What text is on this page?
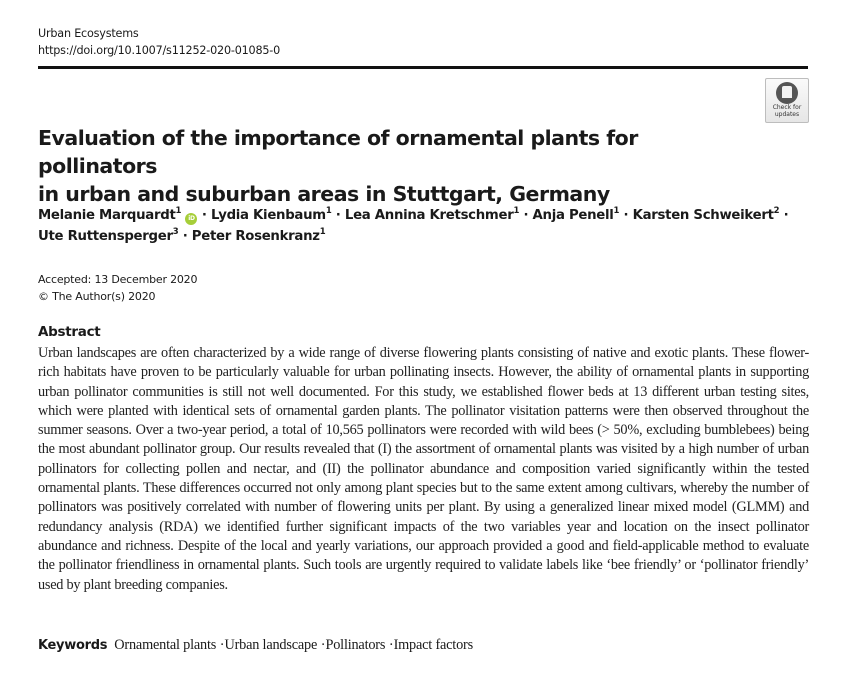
Urban Ecosystems
https://doi.org/10.1007/s11252-020-01085-0
Check for
updates
Evaluation of the importance of ornamental plants for pollinators
in urban and suburban areas in Stuttgart, Germany
Melanie Marquardt$^1$ iD · Lydia Kienbaum$^1$ · Lea Annina Kretschmer$^1$ · Anja Penell$^1$ · Karsten Schweikert$^2$ ·
Ute Ruttensperger$^3$ · Peter Rosenkranz$^1$
Accepted: 13 December 2020
© The Author(s) 2020
Abstract
Urban landscapes are often characterized by a wide range of diverse flowering plants consisting of native and exotic plants. These flower-rich habitats have proven to be particularly valuable for urban pollinating insects. However, the ability of ornamental plants in supporting urban pollinator communities is still not well documented. For this study, we established flower beds at 13 different urban testing sites, which were planted with identical sets of ornamental garden plants. The pollinator visitation patterns were then observed throughout the summer seasons. Over a two-year period, a total of 10,565 pollinators were recorded with wild bees (> 50%, excluding bumblebees) being the most abundant pollinator group. Our results revealed that (I) the assortment of ornamental plants was visited by a high number of urban pollinators for collecting pollen and nectar, and (II) the pollinator abundance and composition varied significantly within the tested ornamental plants. These differences occurred not only among plant species but to the same extent among cultivars, whereby the number of pollinators was positively correlated with number of flowering units per plant. By using a generalized linear mixed model (GLMM) and redundancy analysis (RDA) we identified further significant impacts of the two variables year and location on the insect pollinator abundance and richness. Despite of the local and yearly variations, our approach provided a good and field-applicable method to evaluate the pollinator friendliness in ornamental plants. Such tools are urgently required to validate labels like ‘bee friendly’ or ‘pollinator friendly’ used by plant breeding companies.
Keywords Ornamental plants ·Urban landscape ·Pollinators ·Impact factors
